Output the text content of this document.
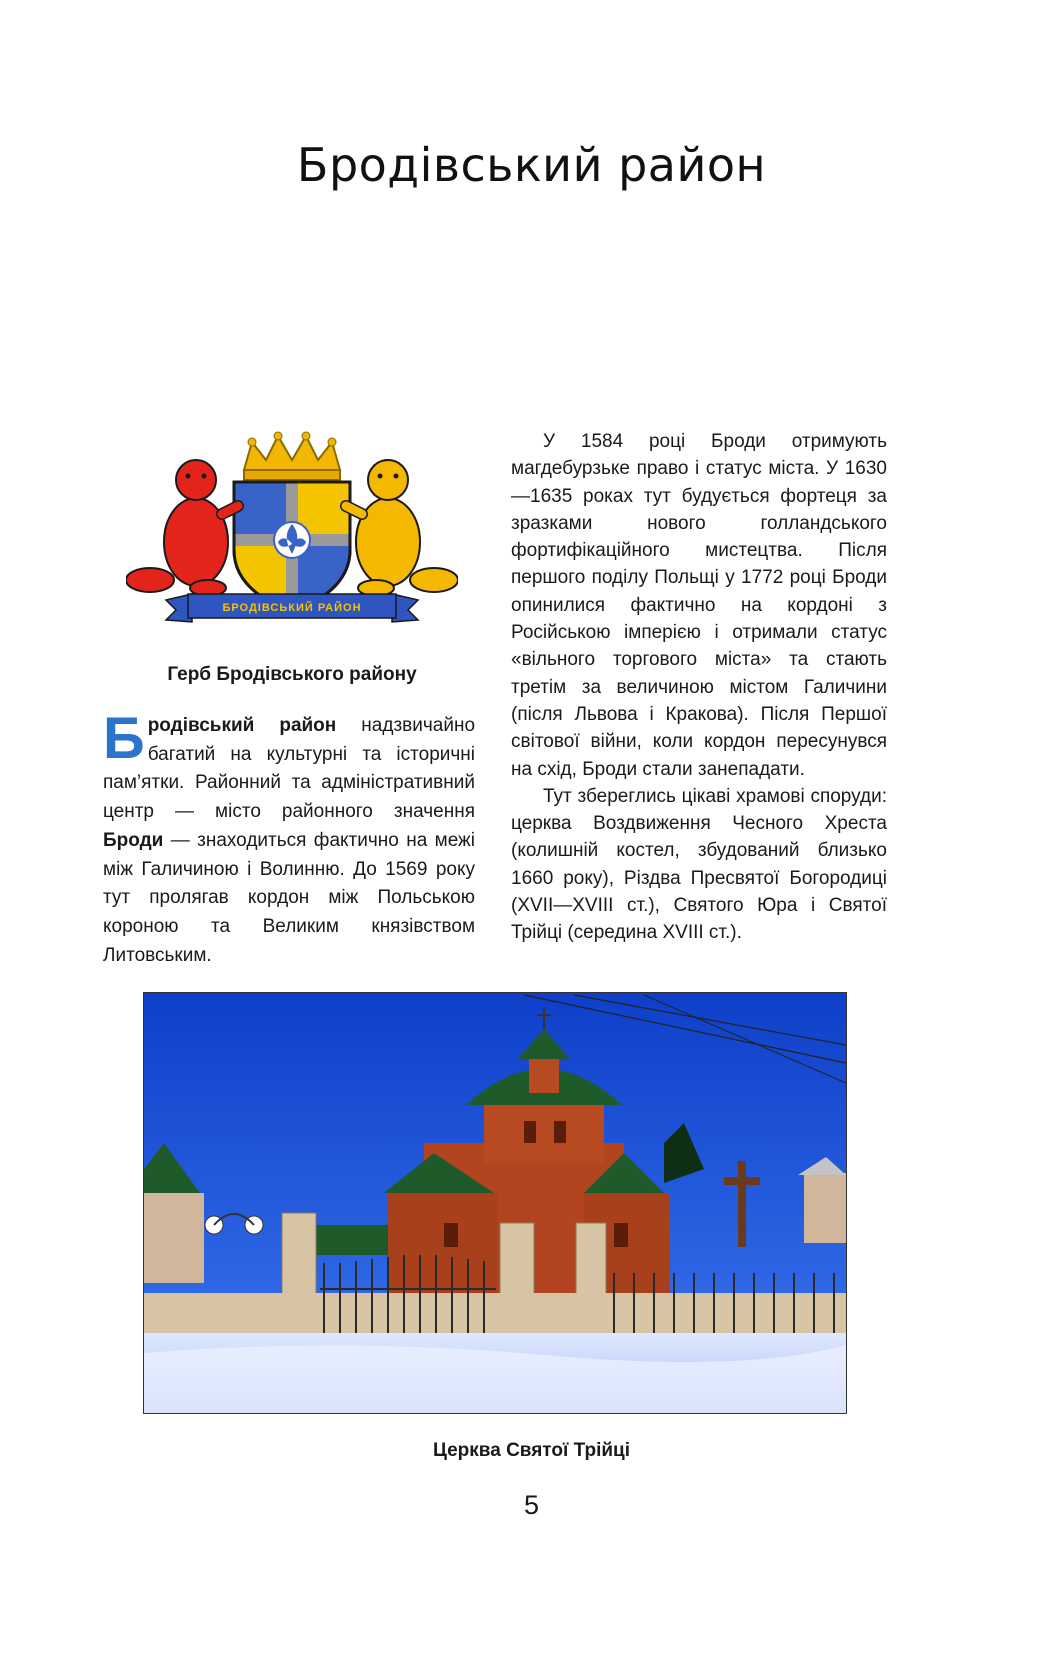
Бродівський район
БРОДІВСЬКИЙ РАЙОН
Герб Бродівського району
Бродівський район надзвичайно багатий на культурні та історичні пам’ятки. Районний та адміністративний центр — місто районного значення Броди — знаходиться фактично на межі між Галичиною і Волинню. До 1569 року тут пролягав кордон між Польською короною та Великим князівством Литовським.

У 1584 році Броди отримують магдебурзьке право і статус міста. У 1630—1635 роках тут будується фортеця за зразками нового голландського фортифікаційного мистецтва. Після першого поділу Польщі у 1772 році Броди опинилися фактично на кордоні з Російською імперією і отримали статус «вільного торгового міста» та стають третім за величиною містом Галичини (після Львова і Кракова). Після Першої світової війни, коли кордон пересунувся на схід, Броди стали занепадати.

Тут збереглись цікаві храмові споруди: церква Воздвиження Чесного Хреста (колишній костел, збудований близько 1660 року), Різдва Пресвятої Богородиці (XVII—XVIII ст.), Святого Юра і Святої Трійці (середина XVIII ст.).

Церква Святої Трійці
5
